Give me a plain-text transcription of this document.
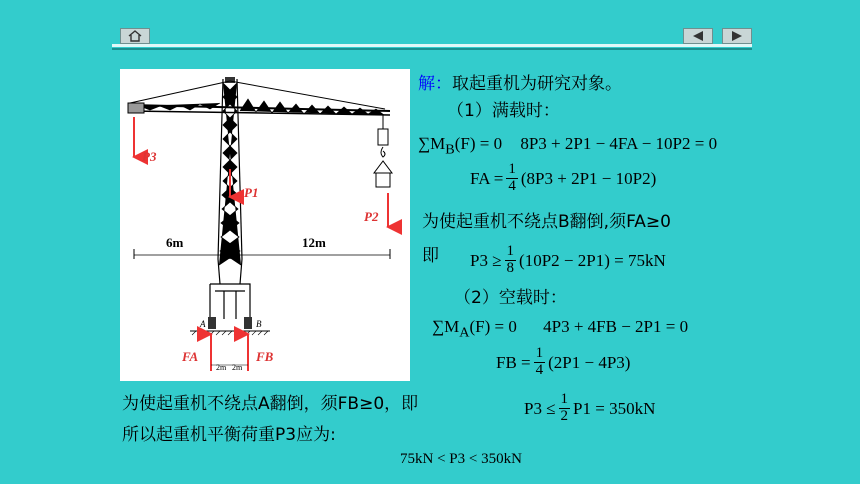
P3
P1
P2
6m	12m
A	B
2m 2m
FA	FB
解：取起重机为研究对象。
（1）满载时：
$\sum M_B(F) = 0$ 8P3 + 2P1 − 4FA − 10P2 = 0
FA = $\frac{1}{4} (8P3 + 2P1 - 10P2)$
为使起重机不绕点B翻倒,须FA≥0
即 $P3 \ge \frac{1}{8} (10P2 - 2P1) = 75kN$
（2）空载时：
$\sum M_A(F) = 0$ 4P3 + 4FB − 2P1 = 0
FB = $\frac{1}{4} (2P1 - 4P3)$
为使起重机不绕点A翻倒，须FB≥0，即	$P3 \le \frac{1}{2} P1 = 350kN$
所以起重机平衡荷重P3应为:
75kN < P3 < 350kN
